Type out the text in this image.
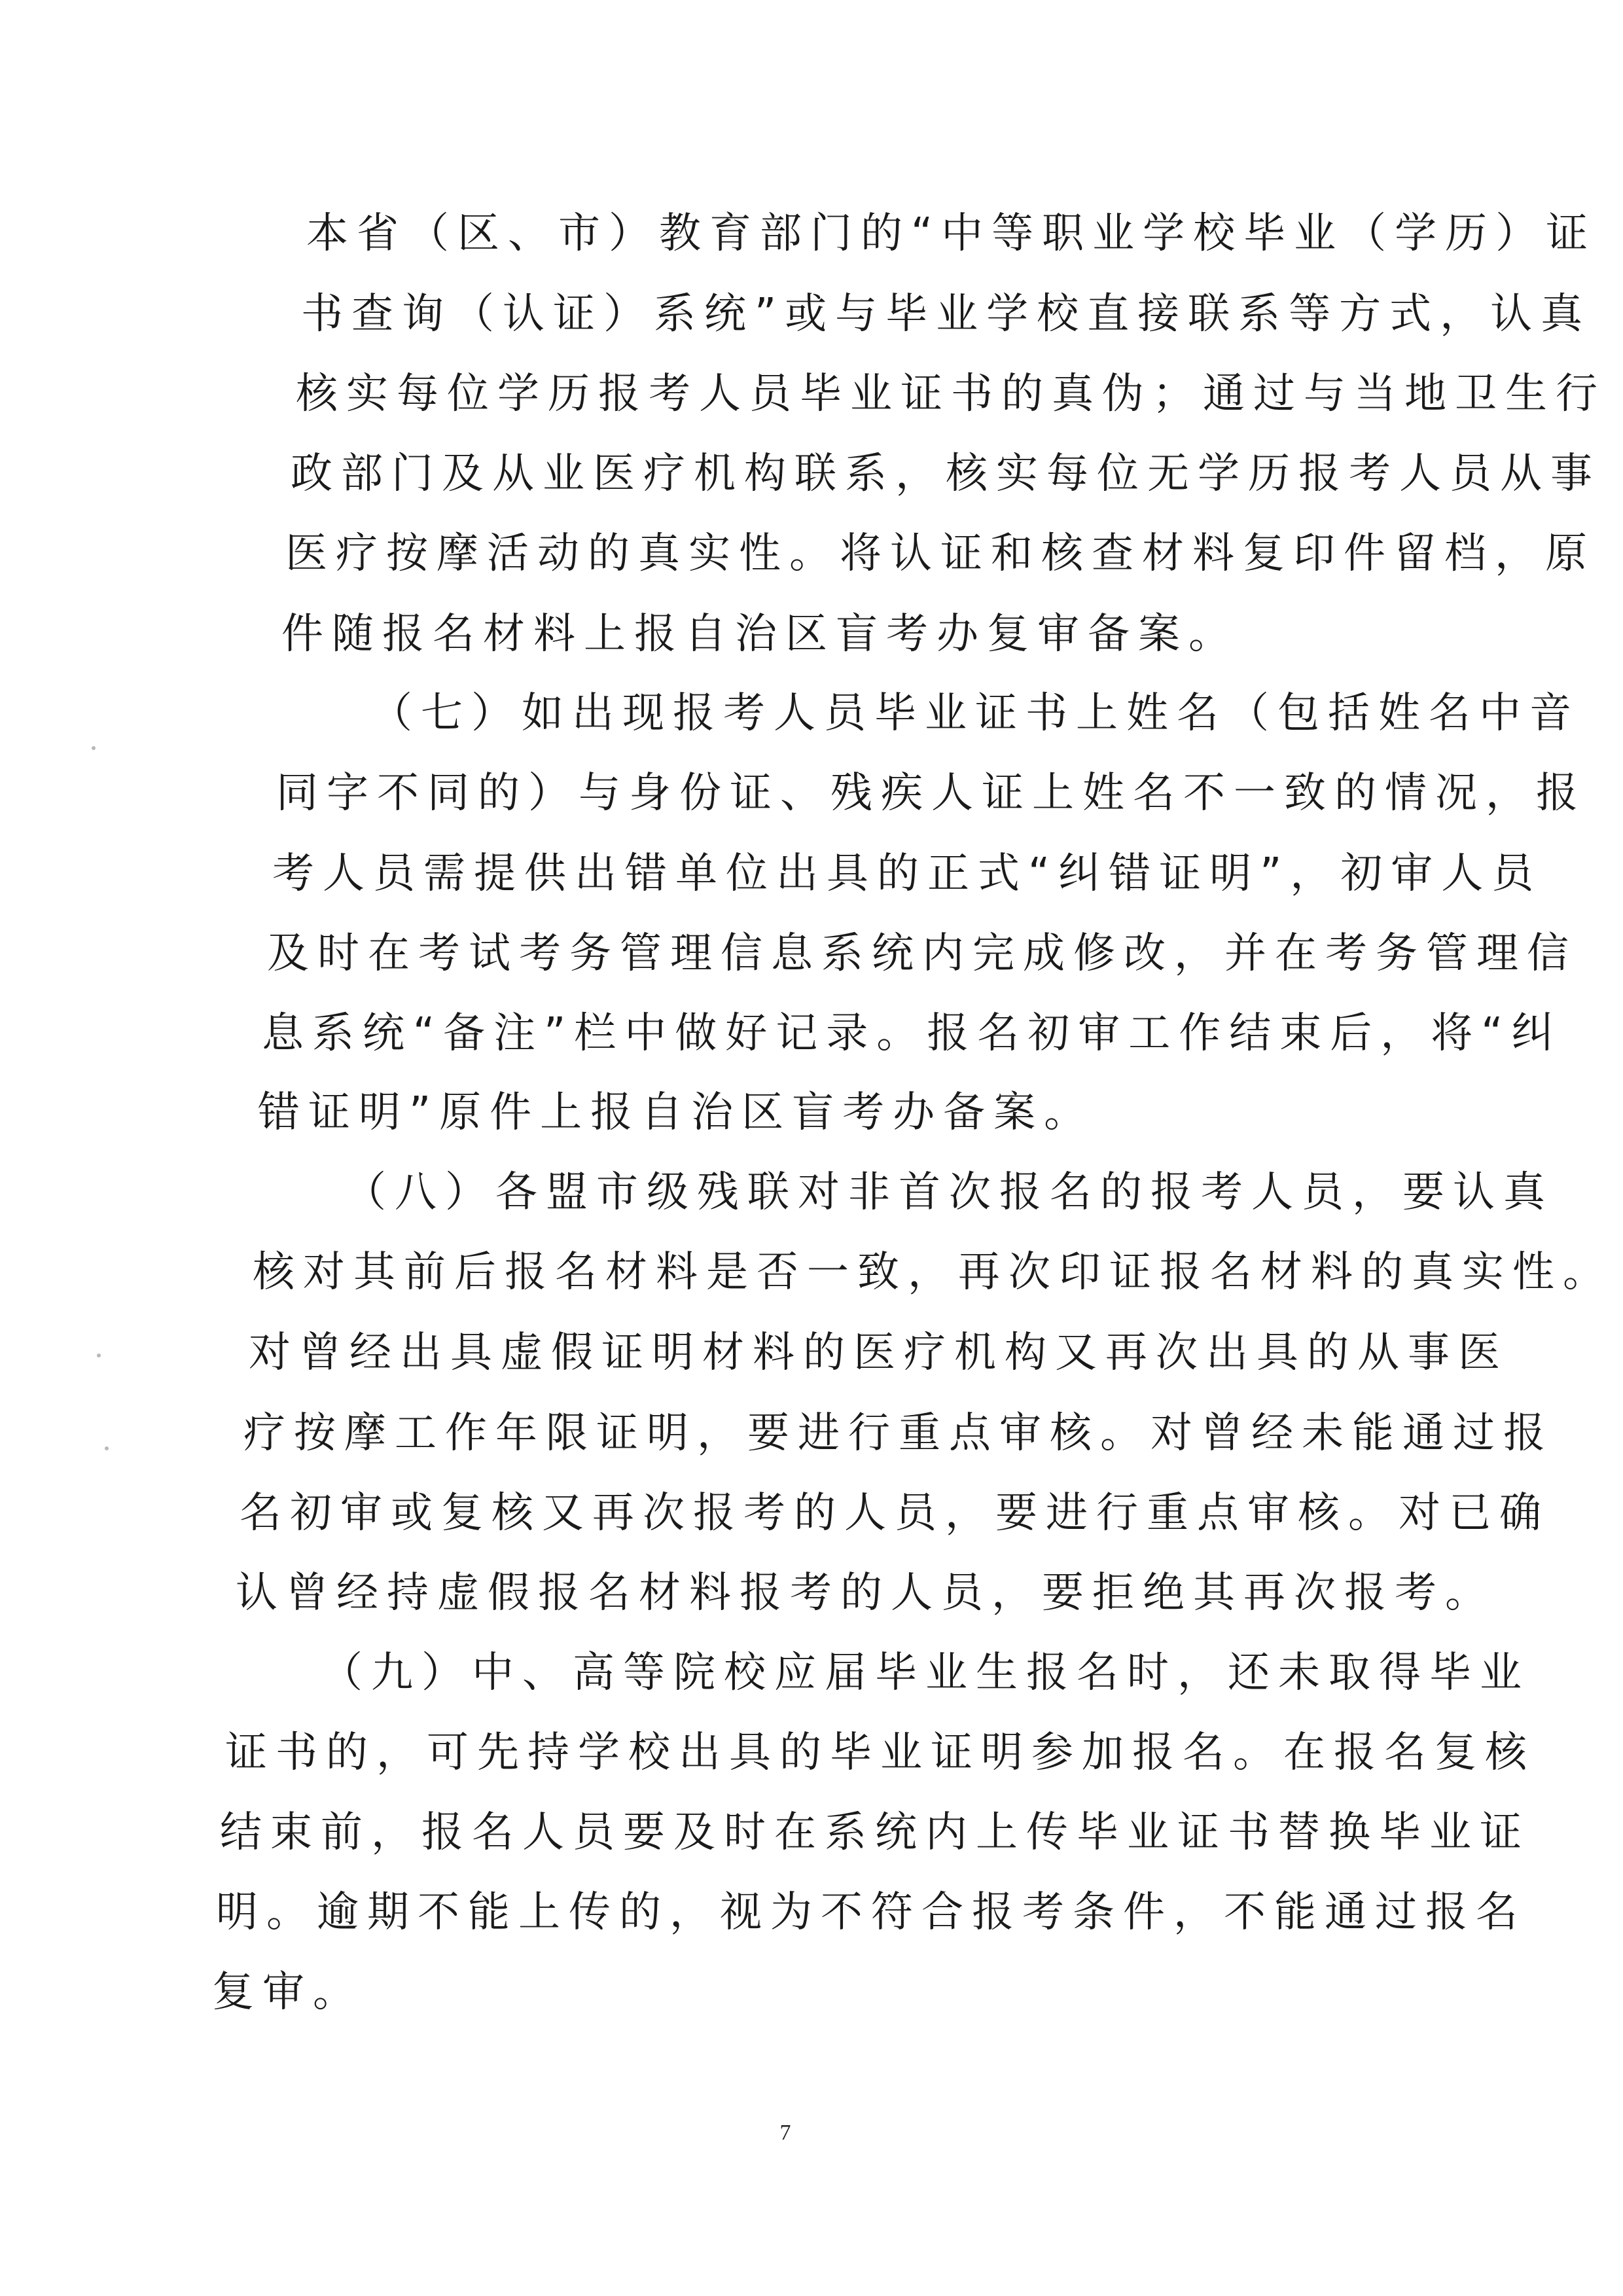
本省（区、市）教育部门的“中等职业学校毕业（学历）证
书查询（认证）系统”或与毕业学校直接联系等方式，认真
核实每位学历报考人员毕业证书的真伪；通过与当地卫生行
政部门及从业医疗机构联系，核实每位无学历报考人员从事
医疗按摩活动的真实性。将认证和核查材料复印件留档，原
件随报名材料上报自治区盲考办复审备案。
（七）如出现报考人员毕业证书上姓名（包括姓名中音
同字不同的）与身份证、残疾人证上姓名不一致的情况，报
考人员需提供出错单位出具的正式“纠错证明”，初审人员
及时在考试考务管理信息系统内完成修改，并在考务管理信
息系统“备注”栏中做好记录。报名初审工作结束后，将“纠
错证明”原件上报自治区盲考办备案。
（八）各盟市级残联对非首次报名的报考人员，要认真
核对其前后报名材料是否一致，再次印证报名材料的真实性。
对曾经出具虚假证明材料的医疗机构又再次出具的从事医
疗按摩工作年限证明，要进行重点审核。对曾经未能通过报
名初审或复核又再次报考的人员，要进行重点审核。对已确
认曾经持虚假报名材料报考的人员，要拒绝其再次报考。
（九）中、高等院校应届毕业生报名时，还未取得毕业
证书的，可先持学校出具的毕业证明参加报名。在报名复核
结束前，报名人员要及时在系统内上传毕业证书替换毕业证
明。逾期不能上传的，视为不符合报考条件，不能通过报名
复审。
7
